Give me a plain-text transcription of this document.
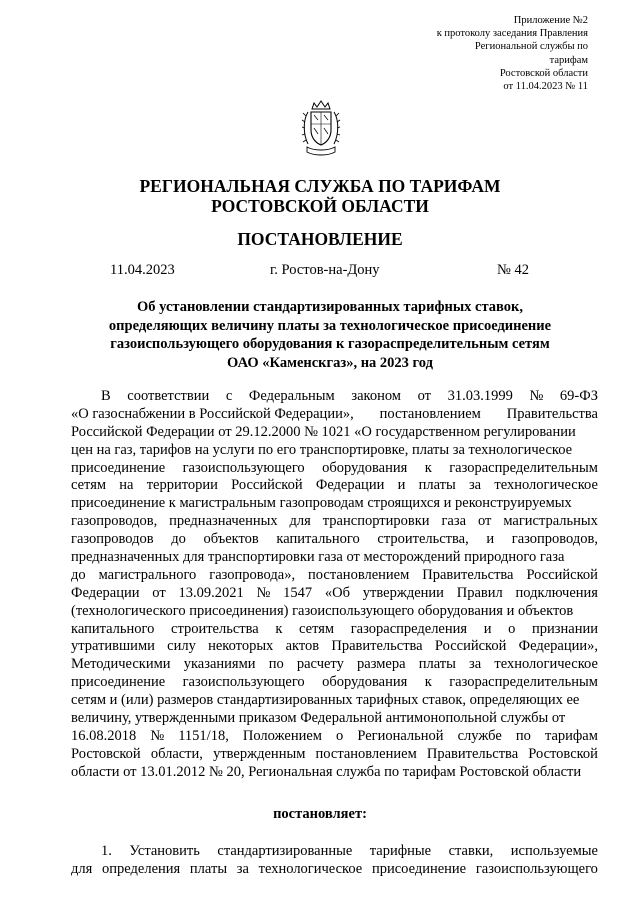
Приложение №2
к протоколу заседания Правления
Региональной службы по
тарифам
Ростовской области
от 11.04.2023 № 11
РЕГИОНАЛЬНАЯ СЛУЖБА ПО ТАРИФАМ
РОСТОВСКОЙ ОБЛАСТИ
ПОСТАНОВЛЕНИЕ
11.04.2023	г. Ростов-на-Дону	№ 42
Об установлении стандартизированных тарифных ставок,
определяющих величину платы за технологическое присоединение
газоиспользующего оборудования к газораспределительным сетям
ОАО «Каменскгаз», на 2023 год
В соответствии с Федеральным законом от 31.03.1999 № 69-ФЗ
«О газоснабжении в Российской Федерации», постановлением Правительства
Российской Федерации от 29.12.2000 № 1021 «О государственном регулировании
цен на газ, тарифов на услуги по его транспортировке, платы за технологическое
присоединение газоиспользующего оборудования к газораспределительным
сетям на территории Российской Федерации и платы за технологическое
присоединение к магистральным газопроводам строящихся и реконструируемых
газопроводов, предназначенных для транспортировки газа от магистральных
газопроводов до объектов капитального строительства, и газопроводов,
предназначенных для транспортировки газа от месторождений природного газа
до магистрального газопровода», постановлением Правительства Российской
Федерации от 13.09.2021 № 1547 «Об утверждении Правил подключения
(технологического присоединения) газоиспользующего оборудования и объектов
капитального строительства к сетям газораспределения и о признании
утратившими силу некоторых актов Правительства Российской Федерации»,
Методическими указаниями по расчету размера платы за технологическое
присоединение газоиспользующего оборудования к газораспределительным
сетям и (или) размеров стандартизированных тарифных ставок, определяющих ее
величину, утвержденными приказом Федеральной антимонопольной службы от
16.08.2018 № 1151/18, Положением о Региональной службе по тарифам
Ростовской области, утвержденным постановлением Правительства Ростовской
области от 13.01.2012 № 20, Региональная служба по тарифам Ростовской области
постановляет:
1. Установить стандартизированные тарифные ставки, используемые
для определения платы за технологическое присоединение газоиспользующего
